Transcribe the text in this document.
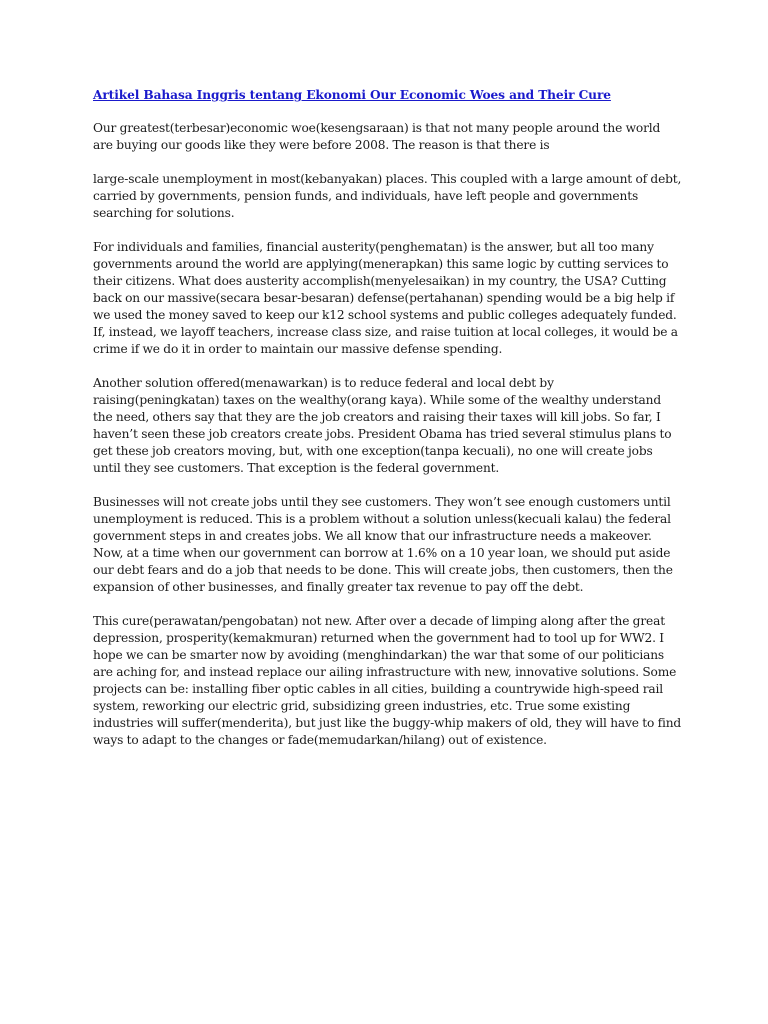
Artikel Bahasa Inggris tentang Ekonomi Our Economic Woes and Their Cure

Our greatest(terbesar)economic woe(kesengsaraan) is that not many people around the world are buying our goods like they were before 2008. The reason is that there is

large-scale unemployment in most(kebanyakan) places. This coupled with a large amount of debt, carried by governments, pension funds, and individuals, have left people and governments searching for solutions.

For individuals and families, financial austerity(penghematan) is the answer, but all too many governments around the world are applying(menerapkan) this same logic by cutting services to their citizens. What does austerity accomplish(menyelesaikan) in my country, the USA? Cutting back on our massive(secara besar-besaran) defense(pertahanan) spending would be a big help if we used the money saved to keep our k12 school systems and public colleges adequately funded. If, instead, we layoff teachers, increase class size, and raise tuition at local colleges, it would be a crime if we do it in order to maintain our massive defense spending.

Another solution offered(menawarkan) is to reduce federal and local debt by raising(peningkatan) taxes on the wealthy(orang kaya). While some of the wealthy understand the need, others say that they are the job creators and raising their taxes will kill jobs. So far, I haven’t seen these job creators create jobs. President Obama has tried several stimulus plans to get these job creators moving, but, with one exception(tanpa kecuali), no one will create jobs until they see customers. That exception is the federal government.

Businesses will not create jobs until they see customers. They won’t see enough customers until unemployment is reduced. This is a problem without a solution unless(kecuali kalau) the federal government steps in and creates jobs. We all know that our infrastructure needs a makeover. Now, at a time when our government can borrow at 1.6% on a 10 year loan, we should put aside our debt fears and do a job that needs to be done. This will create jobs, then customers, then the expansion of other businesses, and finally greater tax revenue to pay off the debt.

This cure(perawatan/pengobatan) not new. After over a decade of limping along after the great depression, prosperity(kemakmuran) returned when the government had to tool up for WW2. I hope we can be smarter now by avoiding (menghindarkan) the war that some of our politicians are aching for, and instead replace our ailing infrastructure with new, innovative solutions. Some projects can be: installing fiber optic cables in all cities, building a countrywide high-speed rail system, reworking our electric grid, subsidizing green industries, etc. True some existing industries will suffer(menderita), but just like the buggy-whip makers of old, they will have to find ways to adapt to the changes or fade(memudarkan/hilang) out of existence.
